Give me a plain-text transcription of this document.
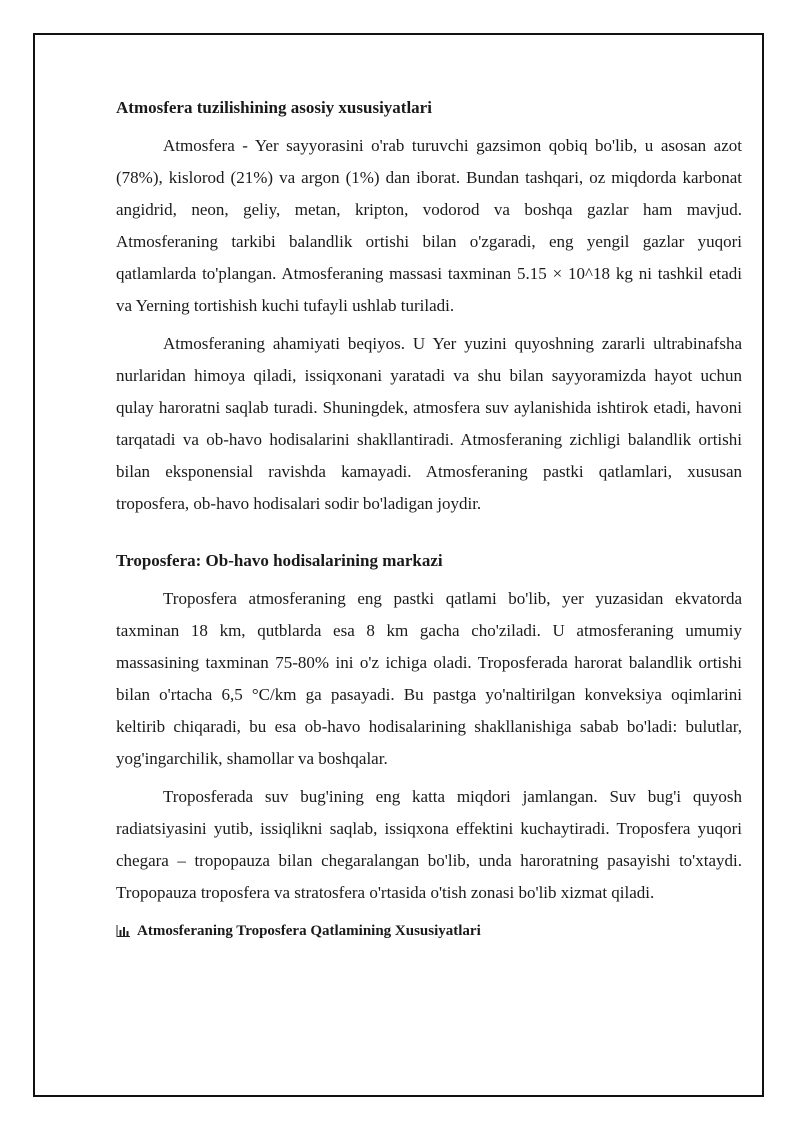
Atmosfera tuzilishining asosiy xususiyatlari

Atmosfera - Yer sayyorasini o'rab turuvchi gazsimon qobiq bo'lib, u asosan azot (78%), kislorod (21%) va argon (1%) dan iborat. Bundan tashqari, oz miqdorda karbonat angidrid, neon, geliy, metan, kripton, vodorod va boshqa gazlar ham mavjud. Atmosferaning tarkibi balandlik ortishi bilan o'zgaradi, eng yengil gazlar yuqori qatlamlarda to'plangan. Atmosferaning massasi taxminan 5.15 × 10^18 kg ni tashkil etadi va Yerning tortishish kuchi tufayli ushlab turiladi.

Atmosferaning ahamiyati beqiyos. U Yer yuzini quyoshning zararli ultrabinafsha nurlaridan himoya qiladi, issiqxonani yaratadi va shu bilan sayyoramizda hayot uchun qulay haroratni saqlab turadi. Shuningdek, atmosfera suv aylanishida ishtirok etadi, havoni tarqatadi va ob-havo hodisalarini shakllantiradi. Atmosferaning zichligi balandlik ortishi bilan eksponensial ravishda kamayadi. Atmosferaning pastki qatlamlari, xususan troposfera, ob-havo hodisalari sodir bo'ladigan joydir.

Troposfera: Ob-havo hodisalarining markazi

Troposfera atmosferaning eng pastki qatlami bo'lib, yer yuzasidan ekvatorda taxminan 18 km, qutblarda esa 8 km gacha cho'ziladi. U atmosferaning umumiy massasining taxminan 75-80% ini o'z ichiga oladi. Troposferada harorat balandlik ortishi bilan o'rtacha 6,5 °C/km ga pasayadi. Bu pastga yo'naltirilgan konveksiya oqimlarini keltirib chiqaradi, bu esa ob-havo hodisalarining shakllanishiga sabab bo'ladi: bulutlar, yog'ingarchilik, shamollar va boshqalar.

Troposferada suv bug'ining eng katta miqdori jamlangan. Suv bug'i quyosh radiatsiyasini yutib, issiqlikni saqlab, issiqxona effektini kuchaytiradi. Troposfera yuqori chegara – tropopauza bilan chegaralangan bo'lib, unda haroratning pasayishi to'xtaydi. Tropopauza troposfera va stratosfera o'rtasida o'tish zonasi bo'lib xizmat qiladi.

Atmosferaning Troposfera Qatlamining Xususiyatlari
